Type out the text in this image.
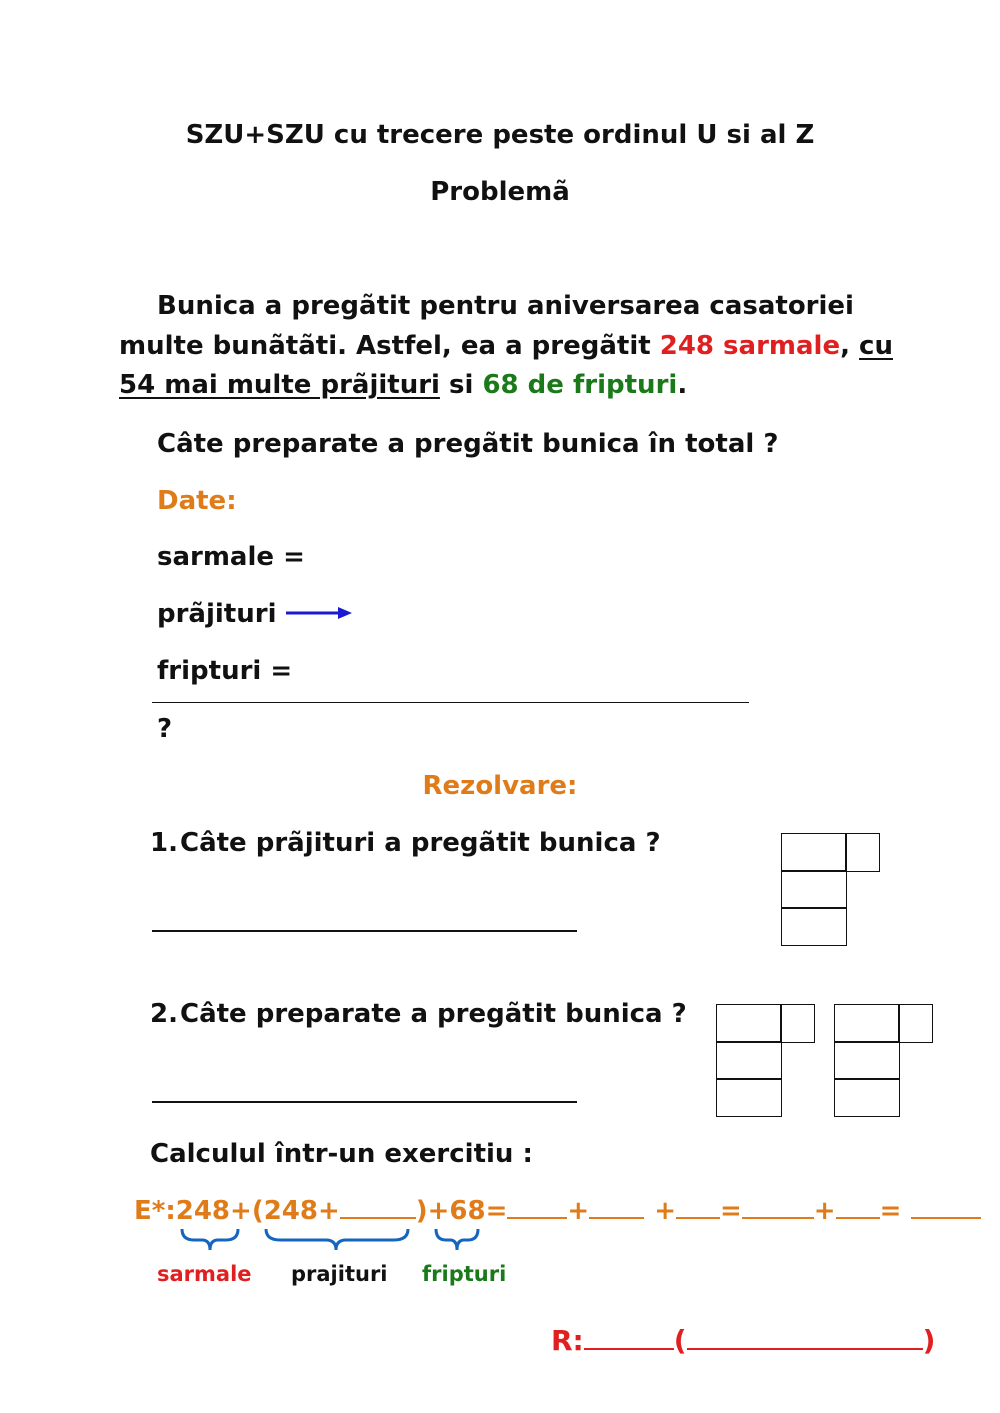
SZU+SZU cu trecere peste ordinul U si al Z
Problemã
Bunica a pregãtit pentru aniversarea casatoriei
multe bunãtãti. Astfel, ea a pregãtit 248 sarmale, cu
54 mai multe prãjituri si 68 de fripturi.
Câte preparate a pregãtit bunica în total ?
Date:
sarmale =
prãjituri
fripturi =
?
Rezolvare:
1. Câte prãjituri a pregãtit bunica ?
2. Câte preparate a pregãtit bunica ?
Calculul într-un exercitiu :
E*:248+(248+	)+68= +	+ =	+ =
sarmale prajituri fripturi
R:	(	)
